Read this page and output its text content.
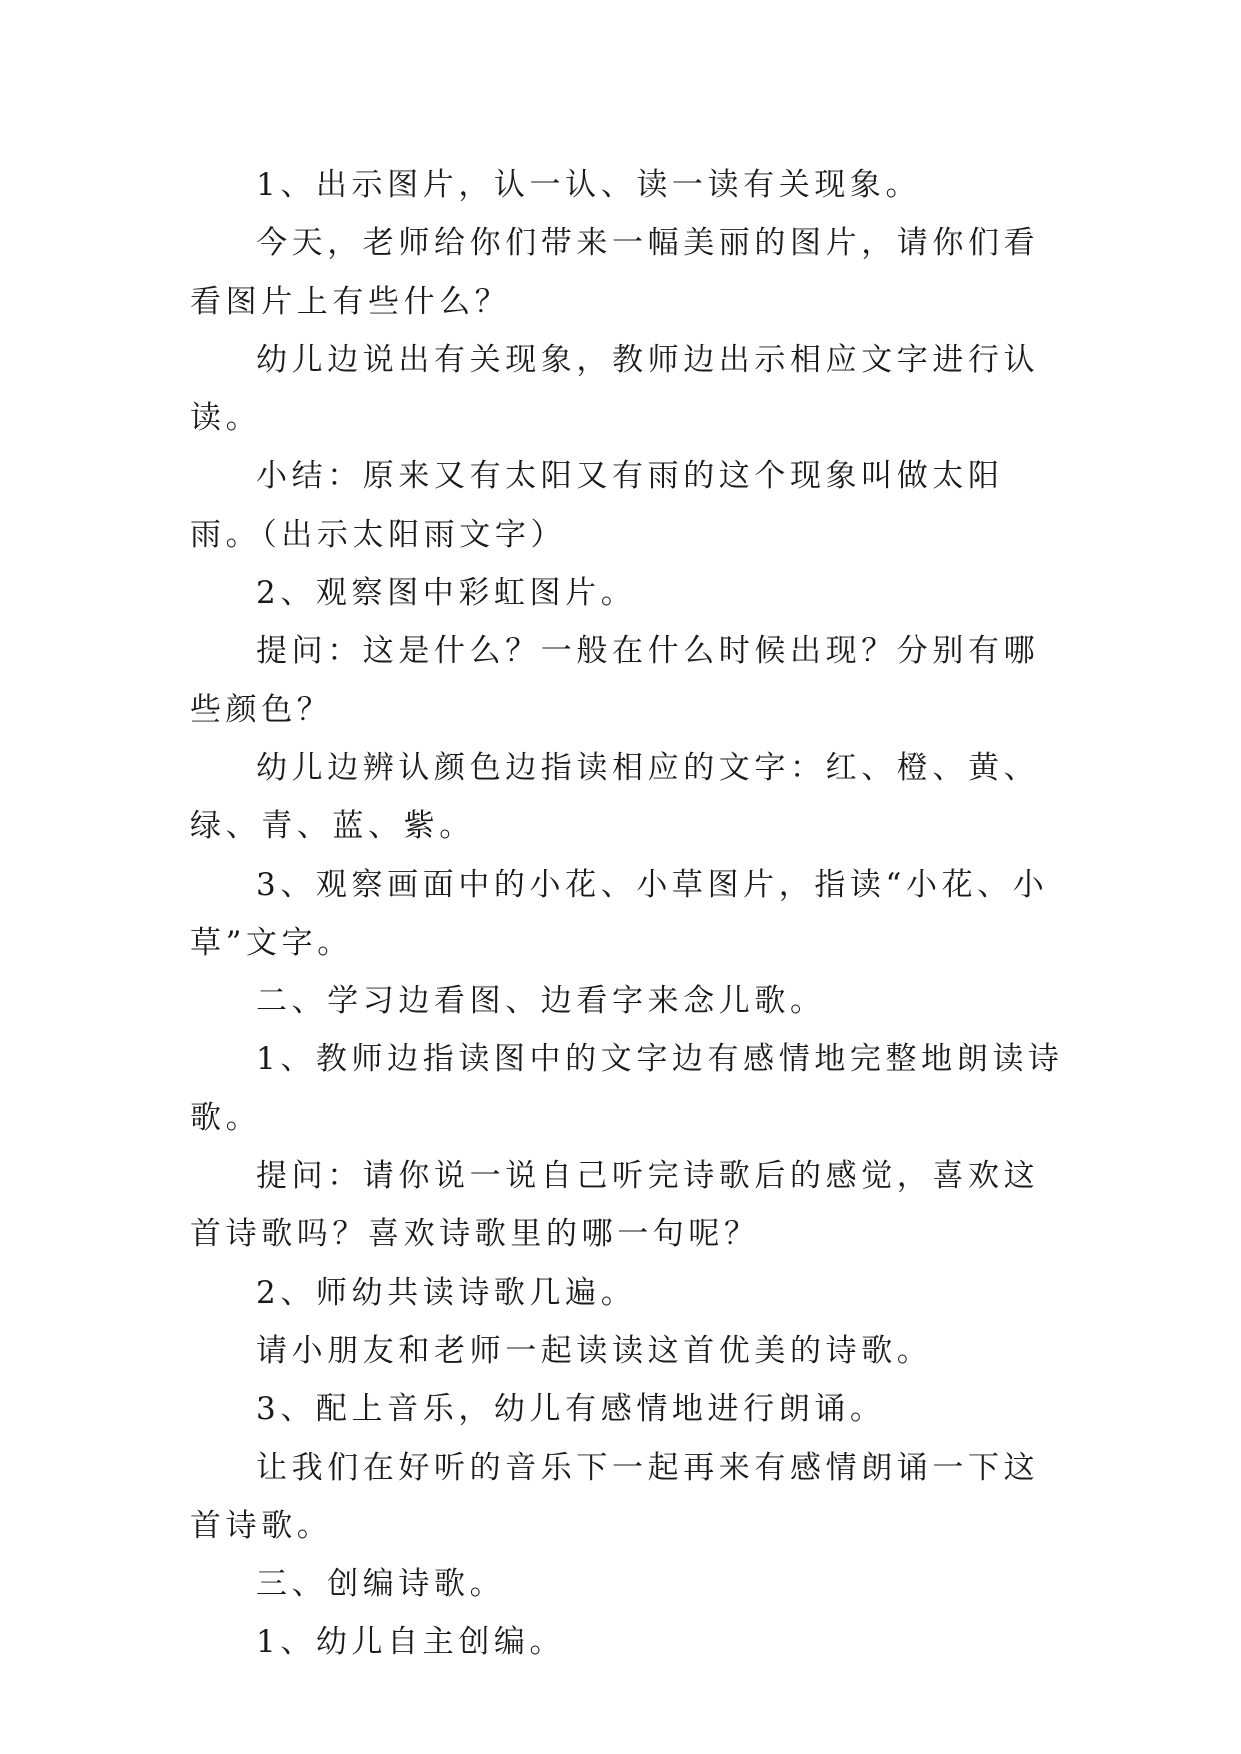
1、出示图片，认一认、读一读有关现象。

今天，老师给你们带来一幅美丽的图片，请你们看看图片上有些什么？

幼儿边说出有关现象，教师边出示相应文字进行认读。

小结：原来又有太阳又有雨的这个现象叫做太阳雨。（出示太阳雨文字）

2、观察图中彩虹图片。

提问：这是什么？一般在什么时候出现？分别有哪些颜色？

幼儿边辨认颜色边指读相应的文字：红、橙、黄、绿、青、蓝、紫。

3、观察画面中的小花、小草图片，指读“小花、小草”文字。

二、学习边看图、边看字来念儿歌。

1、教师边指读图中的文字边有感情地完整地朗读诗歌。

提问：请你说一说自己听完诗歌后的感觉，喜欢这首诗歌吗？喜欢诗歌里的哪一句呢？

2、师幼共读诗歌几遍。

请小朋友和老师一起读读这首优美的诗歌。

3、配上音乐，幼儿有感情地进行朗诵。

让我们在好听的音乐下一起再来有感情朗诵一下这首诗歌。

三、创编诗歌。

1、幼儿自主创编。
